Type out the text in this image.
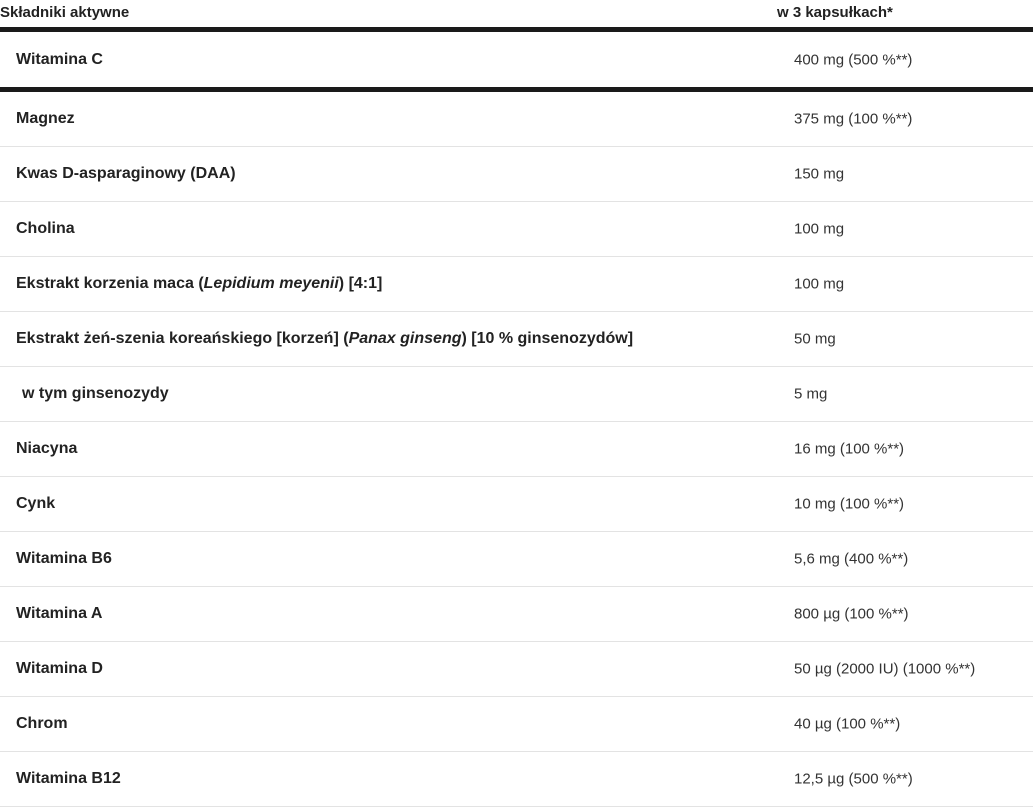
Składniki aktywne	w 3 kapsułkach*
Witamina C	400 mg (500 %**)
Magnez	375 mg (100 %**)
Kwas D-asparaginowy (DAA)	150 mg
Cholina	100 mg
Ekstrakt korzenia maca (Lepidium meyenii) [4:1]	100 mg
Ekstrakt żeń-szenia koreańskiego [korzeń] (Panax ginseng) [10 % ginsenozydów]	50 mg
w tym ginsenozydy	5 mg
Niacyna	16 mg (100 %**)
Cynk	10 mg (100 %**)
Witamina B6	5,6 mg (400 %**)
Witamina A	800 µg (100 %**)
Witamina D	50 µg (2000 IU) (1000 %**)
Chrom	40 µg (100 %**)
Witamina B12	12,5 µg (500 %**)
